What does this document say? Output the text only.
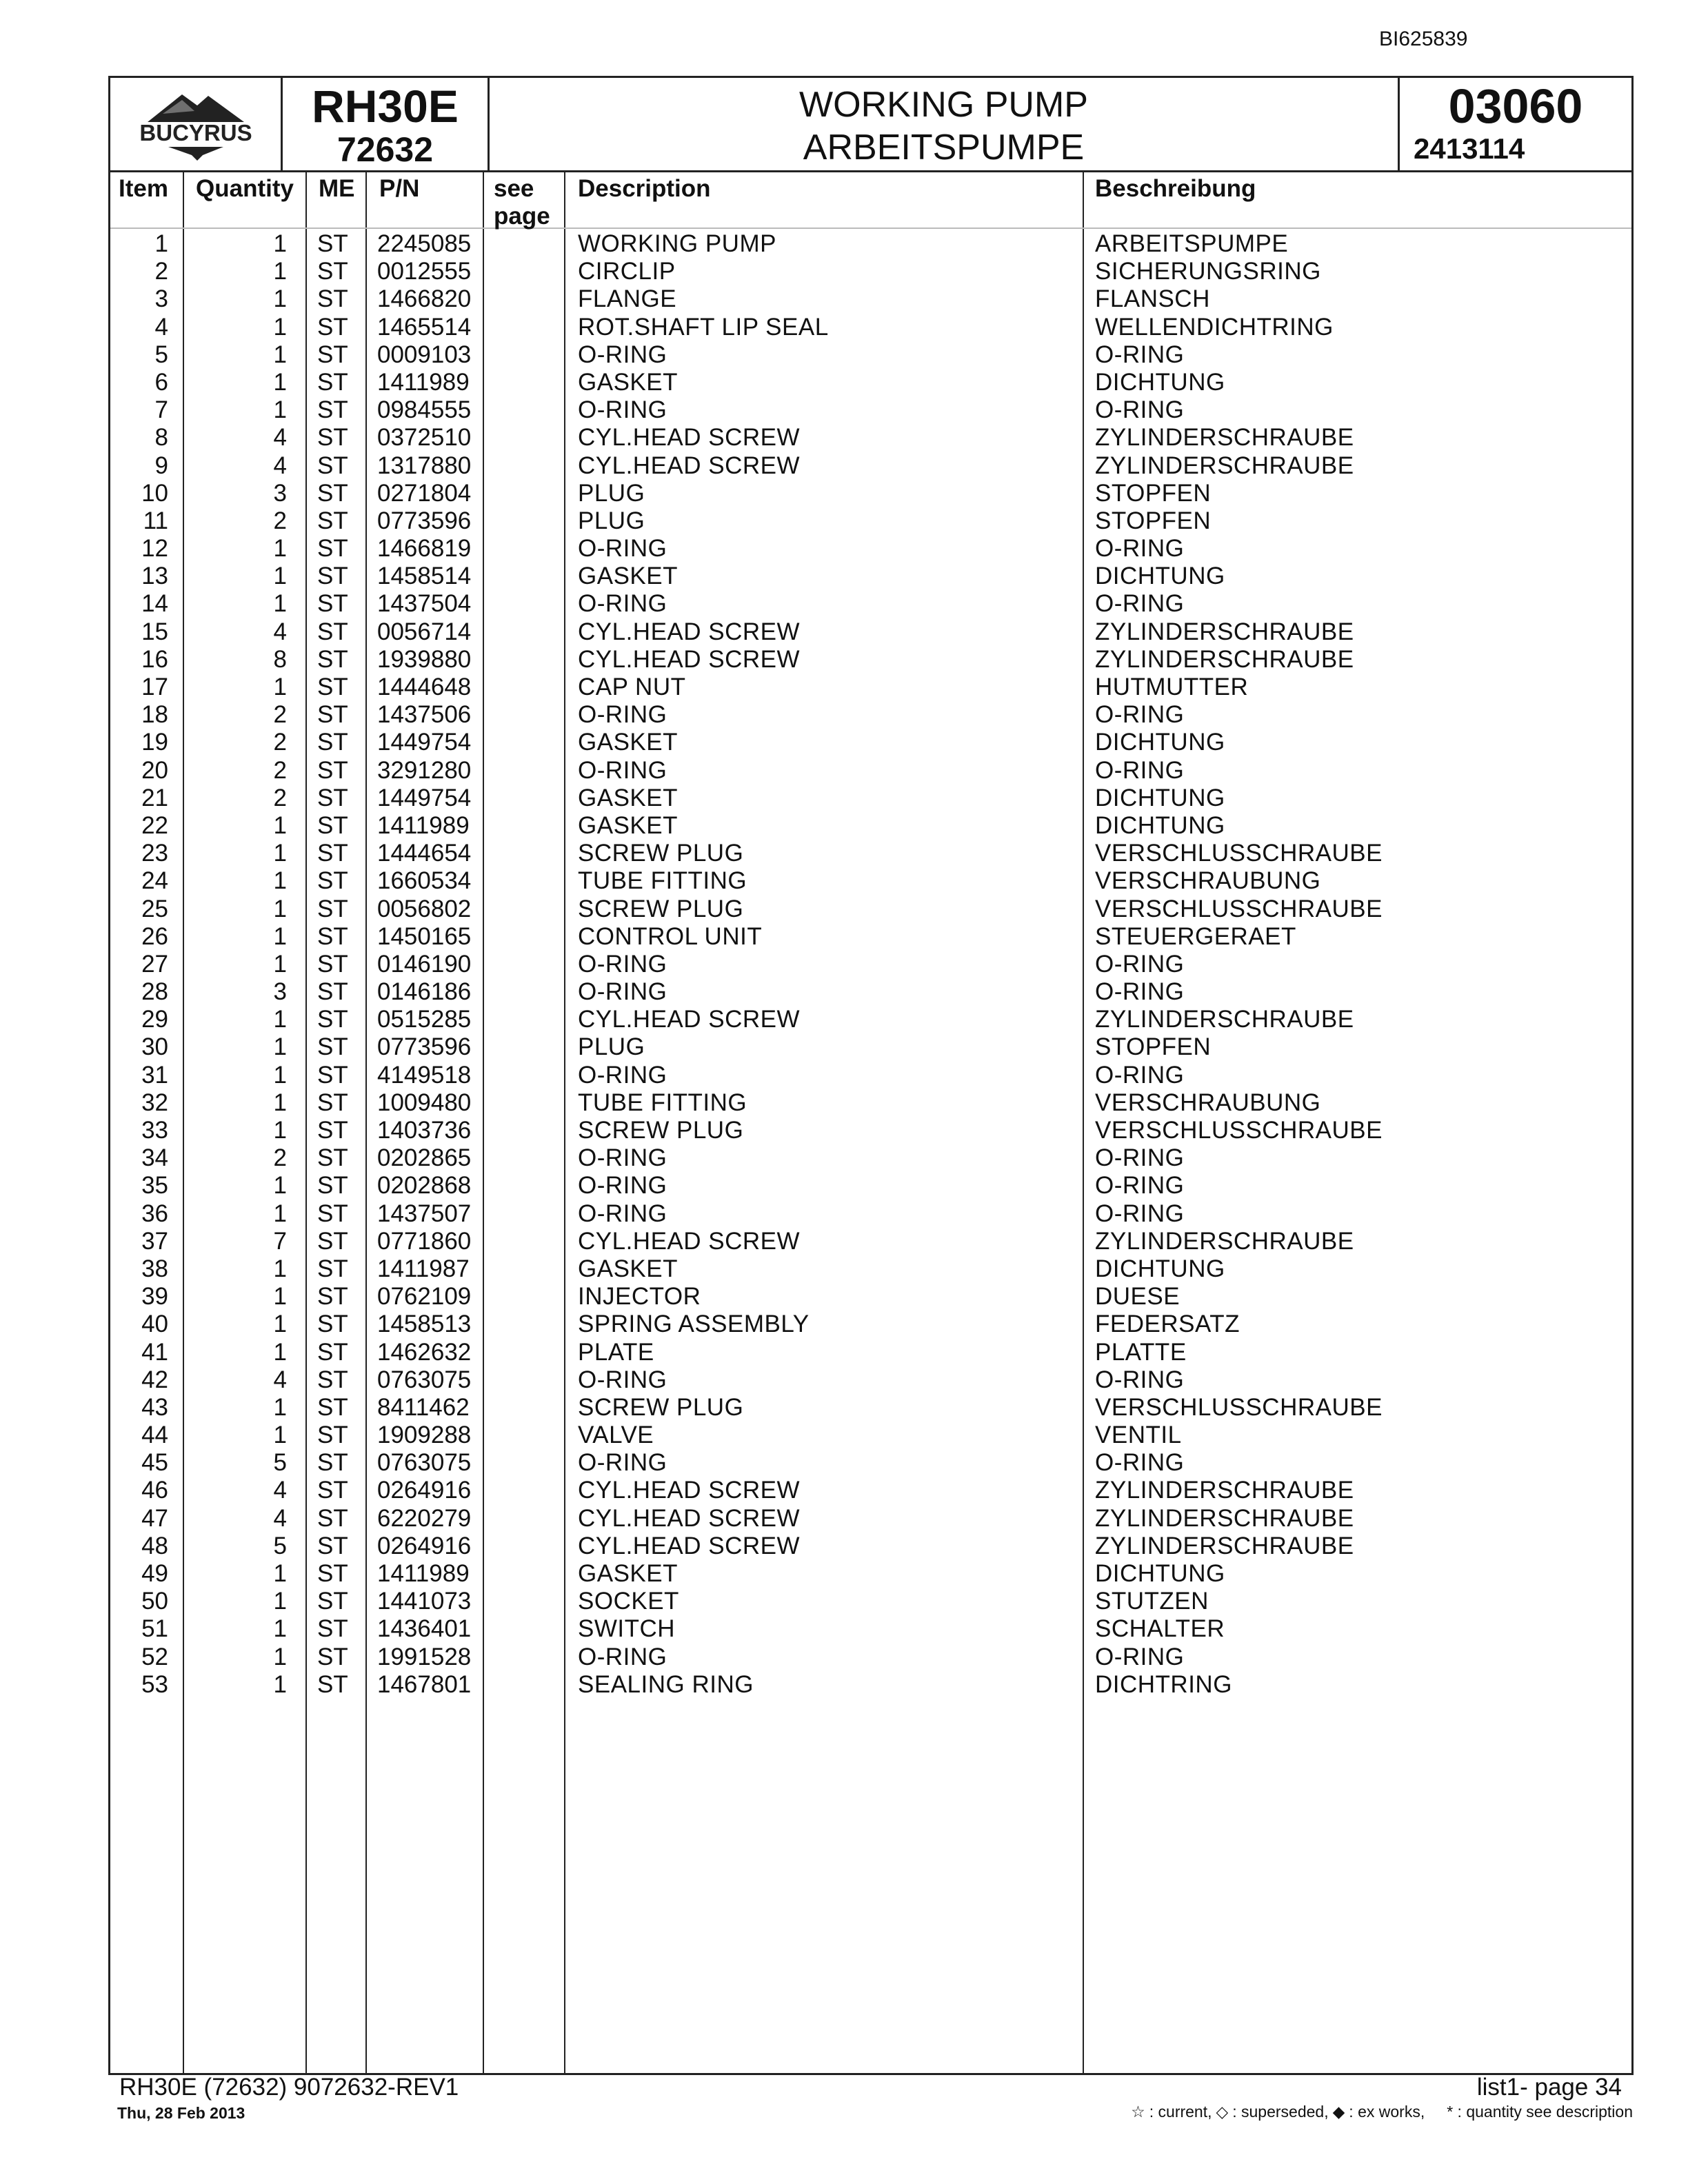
BI625839
BUCYRUS
RH30E
72632
WORKING PUMP
ARBEITSPUMPE
03060
2413114
Item Quantity ME P/N	see
page
Description	Beschreibung
1	1 ST 2245085	WORKING PUMP	ARBEITSPUMPE
2	1 ST 0012555	CIRCLIP	SICHERUNGSRING
3	1 ST 1466820	FLANGE	FLANSCH
4	1 ST 1465514	ROT.SHAFT LIP SEAL	WELLENDICHTRING
5	1 ST 0009103	O-RING	O-RING
6	1 ST 1411989	GASKET	DICHTUNG
7	1 ST 0984555	O-RING	O-RING
8	4 ST 0372510	CYL.HEAD SCREW	ZYLINDERSCHRAUBE
9	4 ST 1317880	CYL.HEAD SCREW	ZYLINDERSCHRAUBE
10	3 ST 0271804	PLUG	STOPFEN
11	2 ST 0773596	PLUG	STOPFEN
12	1 ST 1466819	O-RING	O-RING
13	1 ST 1458514	GASKET	DICHTUNG
14	1 ST 1437504	O-RING	O-RING
15	4 ST 0056714	CYL.HEAD SCREW	ZYLINDERSCHRAUBE
16	8 ST 1939880	CYL.HEAD SCREW	ZYLINDERSCHRAUBE
17	1 ST 1444648	CAP NUT	HUTMUTTER
18	2 ST 1437506	O-RING	O-RING
19	2 ST 1449754	GASKET	DICHTUNG
20	2 ST 3291280	O-RING	O-RING
21	2 ST 1449754	GASKET	DICHTUNG
22	1 ST 1411989	GASKET	DICHTUNG
23	1 ST 1444654	SCREW PLUG	VERSCHLUSSCHRAUBE
24	1 ST 1660534	TUBE FITTING	VERSCHRAUBUNG
25	1 ST 0056802	SCREW PLUG	VERSCHLUSSCHRAUBE
26	1 ST 1450165	CONTROL UNIT	STEUERGERAET
27	1 ST 0146190	O-RING	O-RING
28	3 ST 0146186	O-RING	O-RING
29	1 ST 0515285	CYL.HEAD SCREW	ZYLINDERSCHRAUBE
30	1 ST 0773596	PLUG	STOPFEN
31	1 ST 4149518	O-RING	O-RING
32	1 ST 1009480	TUBE FITTING	VERSCHRAUBUNG
33	1 ST 1403736	SCREW PLUG	VERSCHLUSSCHRAUBE
34	2 ST 0202865	O-RING	O-RING
35	1 ST 0202868	O-RING	O-RING
36	1 ST 1437507	O-RING	O-RING
37	7 ST 0771860	CYL.HEAD SCREW	ZYLINDERSCHRAUBE
38	1 ST 1411987	GASKET	DICHTUNG
39	1 ST 0762109	INJECTOR	DUESE
40	1 ST 1458513	SPRING ASSEMBLY	FEDERSATZ
41	1 ST 1462632	PLATE	PLATTE
42	4 ST 0763075	O-RING	O-RING
43	1 ST 8411462	SCREW PLUG	VERSCHLUSSCHRAUBE
44	1 ST 1909288	VALVE	VENTIL
45	5 ST 0763075	O-RING	O-RING
46	4 ST 0264916	CYL.HEAD SCREW	ZYLINDERSCHRAUBE
47	4 ST 6220279	CYL.HEAD SCREW	ZYLINDERSCHRAUBE
48	5 ST 0264916	CYL.HEAD SCREW	ZYLINDERSCHRAUBE
49	1 ST 1411989	GASKET	DICHTUNG
50	1 ST 1441073	SOCKET	STUTZEN
51	1 ST 1436401	SWITCH	SCHALTER
52	1 ST 1991528	O-RING	O-RING
53	1 ST 1467801	SEALING RING	DICHTRING
RH30E (72632) 9072632-REV1
Thu, 28 Feb 2013
list1- page 34
☆ : current, ◇ : superseded, ◆ : ex works, * : quantity see description
